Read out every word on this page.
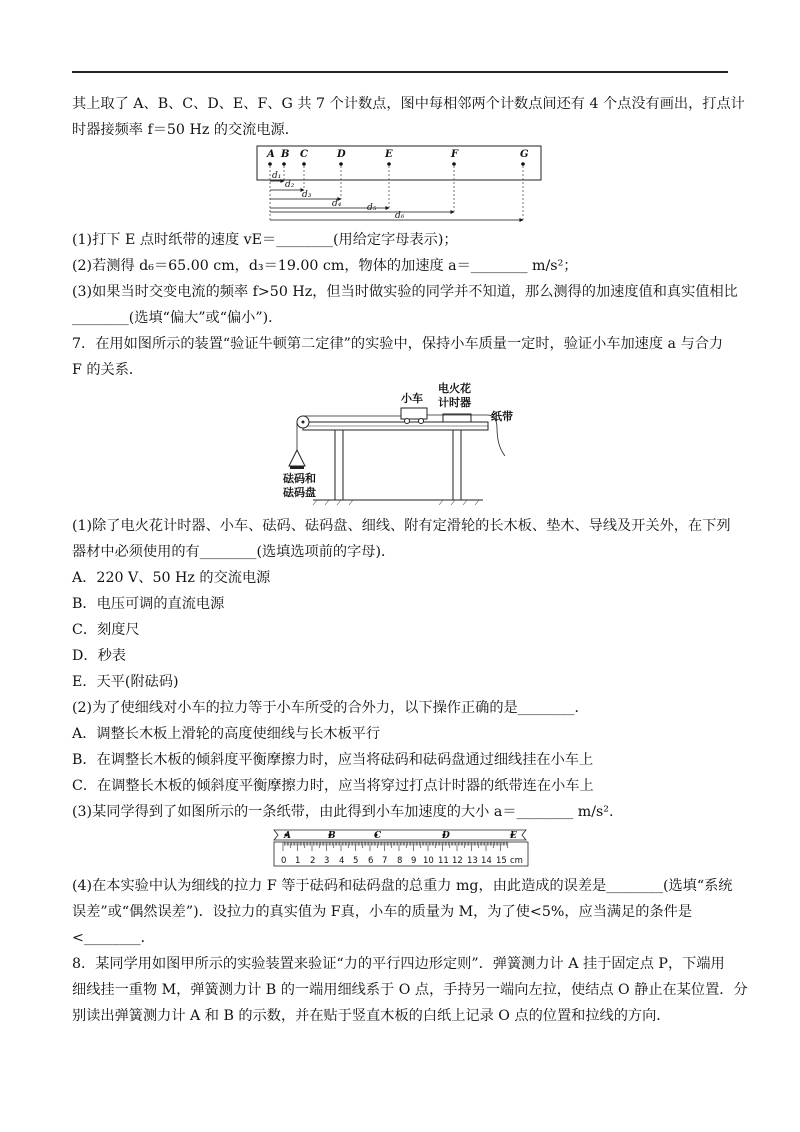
其上取了 A、B、C、D、E、F、G 共 7 个计数点，图中每相邻两个计数点间还有 4 个点没有画出，打点计
时器接频率 f＝50 Hz 的交流电源．
A B C	D	E	F	G
d₁
d₂
d₃
d₄	d₅
d₆
(1)打下 E 点时纸带的速度 vE＝________(用给定字母表示)；
(2)若测得 d₆＝65.00 cm，d₃＝19.00 cm，物体的加速度 a＝________ m/s²；
(3)如果当时交变电流的频率 f>50 Hz，但当时做实验的同学并不知道，那么测得的加速度值和真实值相比
________(选填“偏大”或“偏小”)．
7．在用如图所示的装置“验证牛顿第二定律”的实验中，保持小车质量一定时，验证小车加速度 a 与合力
F 的关系．
小车
电火花
计时器
纸带
砝码和
砝码盘
(1)除了电火花计时器、小车、砝码、砝码盘、细线、附有定滑轮的长木板、垫木、导线及开关外，在下列
器材中必须使用的有________(选填选项前的字母)．
A．220 V、50 Hz 的交流电源
B．电压可调的直流电源
C．刻度尺
D．秒表
E．天平(附砝码)
(2)为了使细线对小车的拉力等于小车所受的合外力，以下操作正确的是________．
A．调整长木板上滑轮的高度使细线与长木板平行
B．在调整长木板的倾斜度平衡摩擦力时，应当将砝码和砝码盘通过细线挂在小车上
C．在调整长木板的倾斜度平衡摩擦力时，应当将穿过打点计时器的纸带连在小车上
(3)某同学得到了如图所示的一条纸带，由此得到小车加速度的大小 a＝________ m/s².
A	B	C	D	E
0 1 2 3 4 5 6 7 8 9 10 11 12 13 14 15 cm
(4)在本实验中认为细线的拉力 F 等于砝码和砝码盘的总重力 mg，由此造成的误差是________(选填“系统
误差”或“偶然误差”)．设拉力的真实值为 F真，小车的质量为 M，为了使<5%，应当满足的条件是
<________．
8．某同学用如图甲所示的实验装置来验证“力的平行四边形定则”．弹簧测力计 A 挂于固定点 P，下端用
细线挂一重物 M，弹簧测力计 B 的一端用细线系于 O 点，手持另一端向左拉，使结点 O 静止在某位置．分
别读出弹簧测力计 A 和 B 的示数，并在贴于竖直木板的白纸上记录 O 点的位置和拉线的方向．
